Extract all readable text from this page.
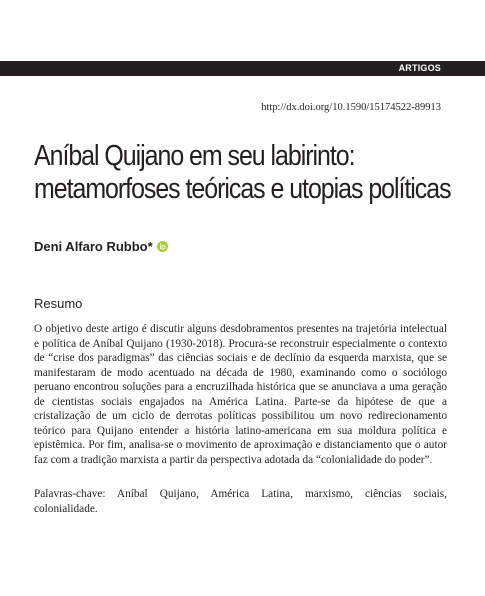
ARTIGOS
http://dx.doi.org/10.1590/15174522-89913
Aníbal Quijano em seu labirinto:
metamorfoses teóricas e utopias políticas
Deni Alfaro Rubbo*
Resumo

O objetivo deste artigo é discutir alguns desdobramentos presentes na trajetória intelectual e política de Aníbal Quijano (1930-2018). Procura-se reconstruir especialmente o contexto de “crise dos paradigmas” das ciências sociais e de declínio da esquerda marxista, que se manifestaram de modo acentuado na década de 1980, examinando como o sociólogo peruano encontrou soluções para a encruzilhada histórica que se anunciava a uma geração de cientistas sociais engajados na América Latina. Parte-se da hipótese de que a cristalização de um ciclo de derrotas políticas possibilitou um novo redirecionamento teórico para Quijano entender a história latino-americana em sua moldura política e epistêmica. Por fim, analisa-se o movimento de aproximação e distanciamento que o autor faz com a tradição marxista a partir da perspectiva adotada da “colonialidade do poder”.

Palavras-chave: Aníbal Quijano, América Latina, marxismo, ciências sociais, colonialidade.
